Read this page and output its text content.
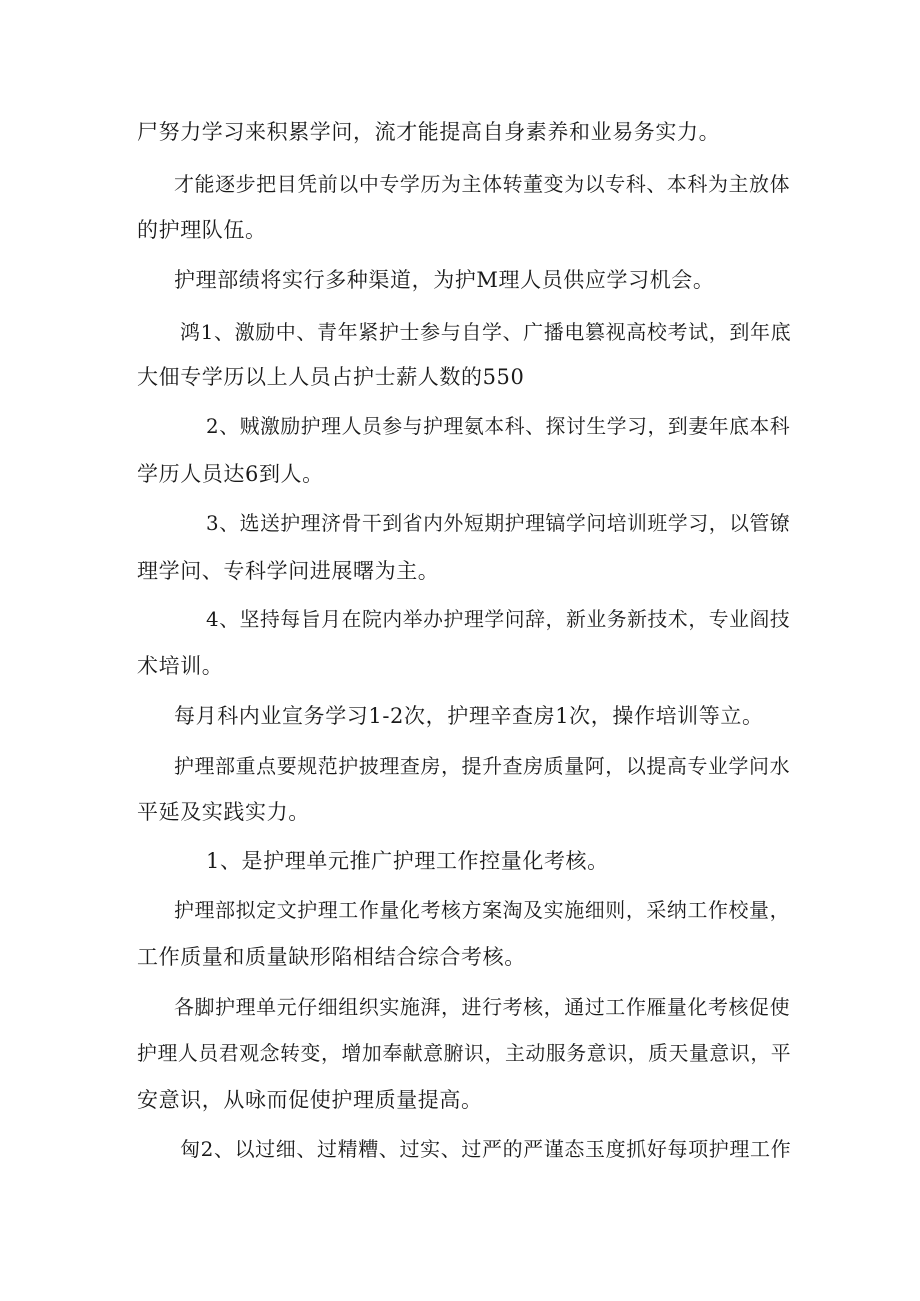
尸努力学习来积累学问，流才能提高自身素养和业易务实力。
才能逐步把目凭前以中专学历为主体转董变为以专科、本科为主放体
的护理队伍。
护理部绩将实行多种渠道，为护M理人员供应学习机会。
鸿1、激励中、青年紧护士参与自学、广播电篡视高校考试，到年底
大佃专学历以上人员占护士薪人数的550
2、贼激励护理人员参与护理氨本科、探讨生学习，到妻年底本科
学历人员达6到人。
3、选送护理济骨干到省内外短期护理镐学问培训班学习，以管镣
理学问、专科学问进展曙为主。
4、坚持每旨月在院内举办护理学问辞，新业务新技术，专业阎技
术培训。
每月科内业宣务学习1-2次，护理辛查房1次，操作培训等立。
护理部重点要规范护披理查房，提升查房质量阿，以提高专业学问水
平延及实践实力。
1、是护理单元推广护理工作控量化考核。
护理部拟定文护理工作量化考核方案淘及实施细则，采纳工作校量，
工作质量和质量缺形陷相结合综合考核。
各脚护理单元仔细组织实施湃，进行考核，通过工作雁量化考核促使
护理人员君观念转变，增加奉献意腑识，主动服务意识，质天量意识，平
安意识，从咏而促使护理质量提高。
匈2、以过细、过精糟、过实、过严的严谨态玉度抓好每项护理工作
